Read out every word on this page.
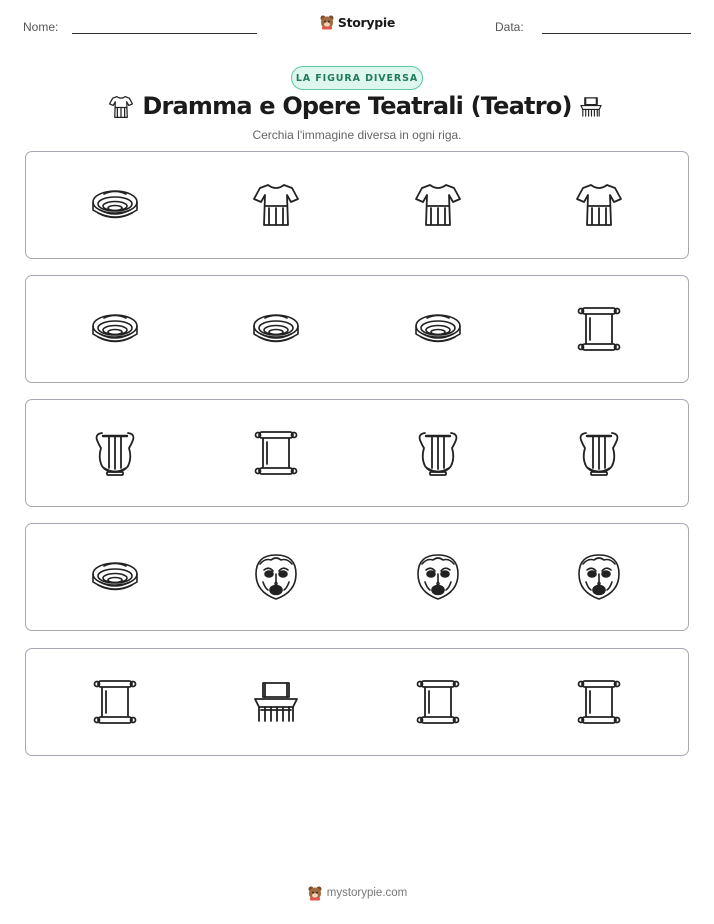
Nome:	Storypie	Data:
LA FIGURA DIVERSA
Dramma e Opere Teatrali (Teatro)
Cerchia l'immagine diversa in ogni riga.
mystorypie.com
